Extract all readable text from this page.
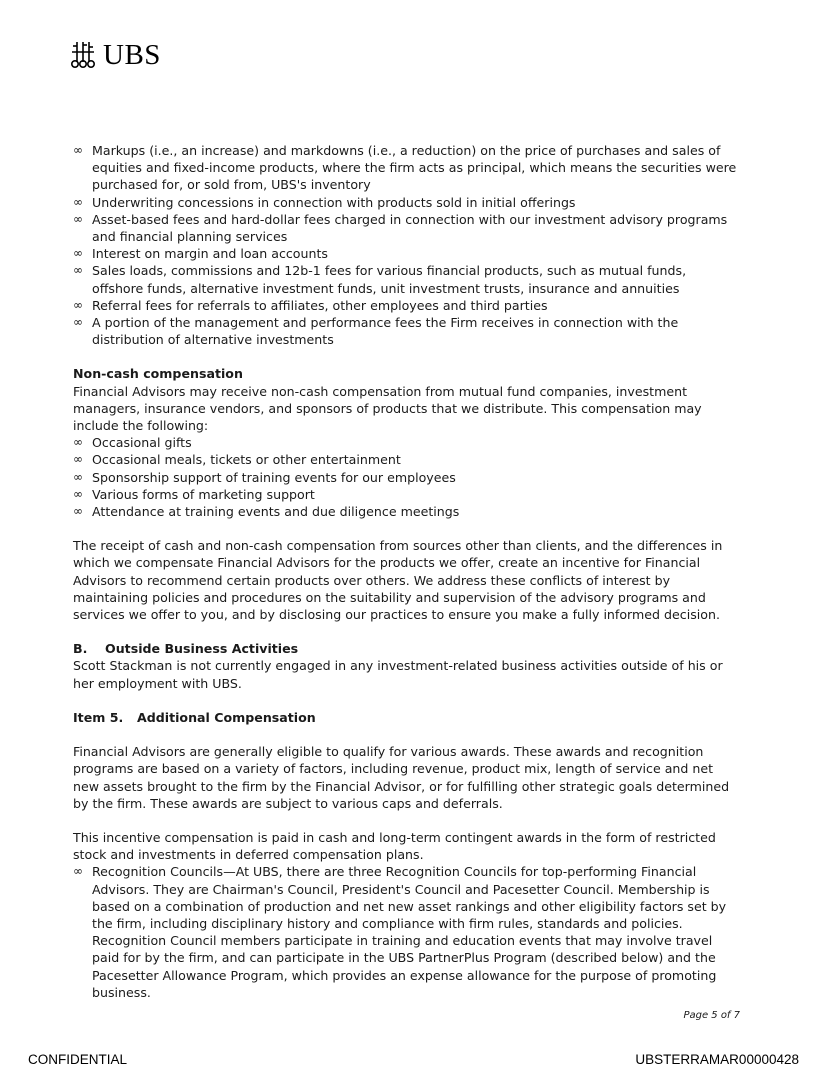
UBS
∞ Markups (i.e., an increase) and markdowns (i.e., a reduction) on the price of purchases and sales of equities and fixed-income products, where the firm acts as principal, which means the securities were purchased for, or sold from, UBS's inventory
∞ Underwriting concessions in connection with products sold in initial offerings
∞ Asset-based fees and hard-dollar fees charged in connection with our investment advisory programs and financial planning services
∞ Interest on margin and loan accounts
∞ Sales loads, commissions and 12b-1 fees for various financial products, such as mutual funds, offshore funds, alternative investment funds, unit investment trusts, insurance and annuities
∞ Referral fees for referrals to affiliates, other employees and third parties
∞ A portion of the management and performance fees the Firm receives in connection with the distribution of alternative investments

Non-cash compensation

Financial Advisors may receive non-cash compensation from mutual fund companies, investment managers, insurance vendors, and sponsors of products that we distribute. This compensation may include the following:

∞ Occasional gifts
∞ Occasional meals, tickets or other entertainment
∞ Sponsorship support of training events for our employees
∞ Various forms of marketing support
∞ Attendance at training events and due diligence meetings

The receipt of cash and non-cash compensation from sources other than clients, and the differences in which we compensate Financial Advisors for the products we offer, create an incentive for Financial Advisors to recommend certain products over others. We address these conflicts of interest by maintaining policies and procedures on the suitability and supervision of the advisory programs and services we offer to you, and by disclosing our practices to ensure you make a fully informed decision.

B.	Outside Business Activities

Scott Stackman is not currently engaged in any investment-related business activities outside of his or her employment with UBS.

Item 5.	Additional Compensation

Financial Advisors are generally eligible to qualify for various awards. These awards and recognition programs are based on a variety of factors, including revenue, product mix, length of service and net new assets brought to the firm by the Financial Advisor, or for fulfilling other strategic goals determined by the firm. These awards are subject to various caps and deferrals.

This incentive compensation is paid in cash and long-term contingent awards in the form of restricted stock and investments in deferred compensation plans.

∞ Recognition Councils—At UBS, there are three Recognition Councils for top-performing Financial Advisors. They are Chairman's Council, President's Council and Pacesetter Council. Membership is based on a combination of production and net new asset rankings and other eligibility factors set by the firm, including disciplinary history and compliance with firm rules, standards and policies. Recognition Council members participate in training and education events that may involve travel paid for by the firm, and can participate in the UBS PartnerPlus Program (described below) and the Pacesetter Allowance Program, which provides an expense allowance for the purpose of promoting business.
Page 5 of 7
CONFIDENTIAL	UBSTERRAMAR00000428
